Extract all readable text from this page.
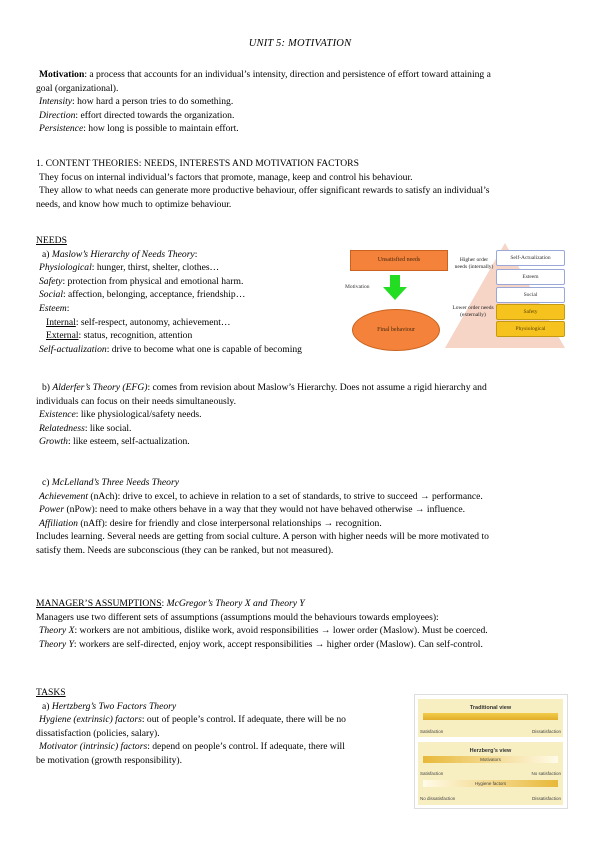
UNIT 5: MOTIVATION
Motivation: a process that accounts for an individual’s intensity, direction and persistence of effort toward attaining a
goal (organizational).
Intensity: how hard a person tries to do something.
Direction: effort directed towards the organization.
Persistence: how long is possible to maintain effort.
1. CONTENT THEORIES: NEEDS, INTERESTS AND MOTIVATION FACTORS
They focus on internal individual’s factors that promote, manage, keep and control his behaviour.
They allow to what needs can generate more productive behaviour, offer significant rewards to satisfy an individual’s
needs, and know how much to optimize behaviour.
NEEDS
a) Maslow’s Hierarchy of Needs Theory:
Physiological: hunger, thirst, shelter, clothes…
Safety: protection from physical and emotional harm.
Social: affection, belonging, acceptance, friendship…
Esteem:
Internal: self-respect, autonomy, achievement…
External: status, recognition, attention
Self-actualization: drive to become what one is capable of becoming
Unsatisfied needs
Motivation
Final behaviour
Higher order needs (internally)
Lower order needs (externally)
Self-Actualization
Esteem
Social
Safety
Physiological
b) Alderfer’s Theory (EFG): comes from revision about Maslow’s Hierarchy. Does not assume a rigid hierarchy and
individuals can focus on their needs simultaneously.
Existence: like physiological/safety needs.
Relatedness: like social.
Growth: like esteem, self-actualization.
c) McLelland’s Three Needs Theory
Achievement (nAch): drive to excel, to achieve in relation to a set of standards, to strive to succeed → performance.
Power (nPow): need to make others behave in a way that they would not have behaved otherwise → influence.
Affiliation (nAff): desire for friendly and close interpersonal relationships → recognition.
Includes learning. Several needs are getting from social culture. A person with higher needs will be more motivated to
satisfy them. Needs are subconscious (they can be ranked, but not measured).
MANAGER’S ASSUMPTIONS: McGregor’s Theory X and Theory Y
Managers use two different sets of assumptions (assumptions mould the behaviours towards employees):
Theory X: workers are not ambitious, dislike work, avoid responsibilities → lower order (Maslow). Must be coerced.
Theory Y: workers are self-directed, enjoy work, accept responsibilities → higher order (Maslow). Can self-control.
TASKS
a) Hertzberg’s Two Factors Theory
Hygiene (extrinsic) factors: out of people’s control. If adequate, there will be no
dissatisfaction (policies, salary).
Motivator (intrinsic) factors: depend on people’s control. If adequate, there will
be motivation (growth responsibility).
Traditional view
Satisfaction	Dissatisfaction
Herzberg’s view
Motivators
Satisfaction	No satisfaction
Hygiene factors
No dissatisfaction	Dissatisfaction
